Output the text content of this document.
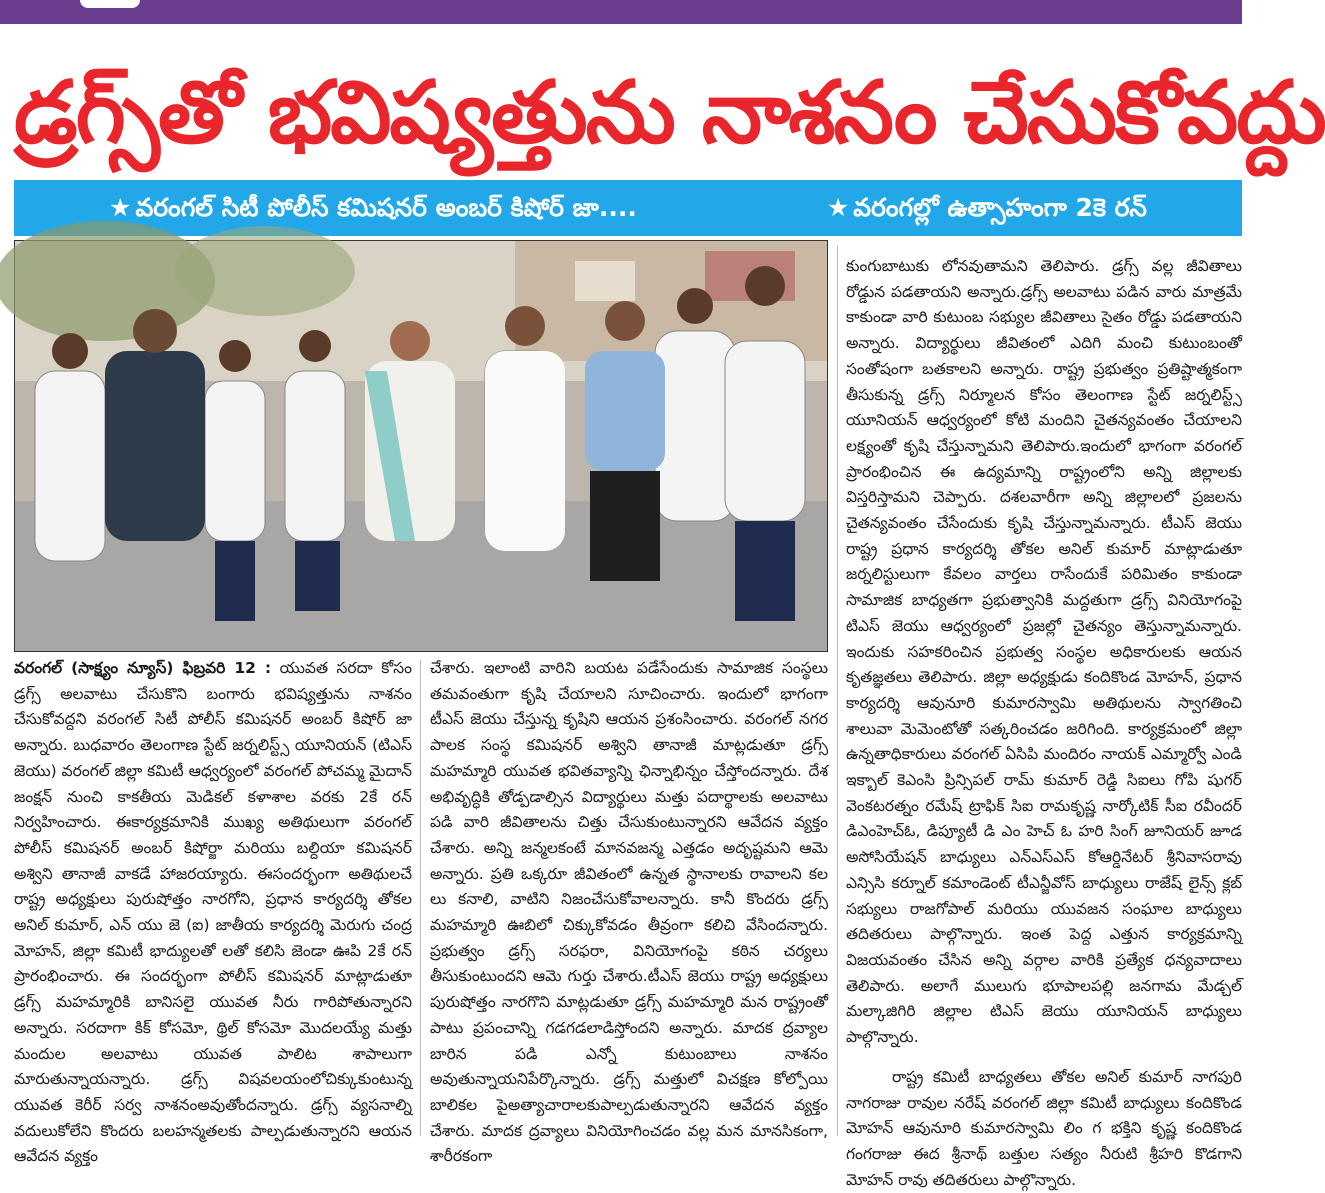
డ్రగ్స్‌తో భవిష్యత్తును నాశనం చేసుకోవద్దు
★ వరంగల్ సిటీ పోలీస్ కమిషనర్ అంబర్ కిషోర్ జా....	★ వరంగల్లో ఉత్సాహంగా 2కె రన్

వరంగల్ (సాక్ష్యం న్యూస్) ఫిబ్రవరి 12 : యువత సరదా కోసం డ్రగ్స్ అలవాటు చేసుకొని బంగారు భవిష్యత్తును నాశనం చేసుకోవద్దని వరంగల్ సిటీ పోలీస్ కమిషనర్ అంబర్ కిషోర్ జా అన్నారు. బుధవారం తెలంగాణ స్టేట్ జర్నలిస్ట్స్ యూనియన్ (టిఎస్ జెయు) వరంగల్ జిల్లా కమిటీ ఆధ్వర్యంలో వరంగల్ పోచమ్మ మైదాన్ జంక్షన్ నుంచి కాకతీయ మెడికల్ కళాశాల వరకు 2కే రన్ నిర్వహించారు. ఈకార్యక్రమానికి ముఖ్య అతిథులుగా వరంగల్ పోలీస్ కమిషనర్ అంబర్ కిషోర్జా మరియు బల్దియా కమిషనర్ అశ్విని తానాజీ వాకడే హాజరయ్యారు. ఈసందర్భంగా అతిథులచే రాష్ట్ర అధ్యక్షులు పురుషోత్తం నారగోని, ప్రధాన కార్యదర్శి తోకల అనిల్ కుమార్, ఎన్ యు జె (ఐ) జాతీయ కార్యదర్శి మెరుగు చంద్ర మోహన్, జిల్లా కమిటీ భాద్యులతో లతో కలిసి జెండా ఊపి 2కే రన్ ప్రారంభించారు. ఈ సందర్భంగా పోలీస్ కమిషనర్ మాట్లాడుతూ డ్రగ్స్ మహమ్మారికి బానిసలై యువత నీరు గారిపోతున్నారని అన్నారు. సరదాగా కిక్ కోసమో, థ్రిల్ కోసమో మొదలయ్యే మత్తు మందుల అలవాటు యువత పాలిట శాపాలుగా మారుతున్నాయన్నారు. డ్రగ్స్ విషవలయంలోచిక్కుకుంటున్న యువత కెరీర్ సర్వ నాశనంఅవుతోందన్నారు. డ్రగ్స్ వ్యసనాల్ని వదులుకోలేని కొందరు బలహన్మతలకు పాల్పడుతున్నారని ఆయన ఆవేదన వ్యక్తం

చేశారు. ఇలాంటి వారిని బయట పడేసేందుకు సామాజిక సంస్థలు తమవంతుగా కృషి చేయాలని సూచించారు. ఇందులో భాగంగా టీఎస్ జెయు చేస్తున్న కృషిని ఆయన ప్రశంసించారు. వరంగల్ నగర పాలక సంస్థ కమిషనర్ అశ్విని తానాజీ మాట్లడుతూ డ్రగ్స్ మహమ్మారి యువత భవితవ్యాన్ని ఛిన్నాభిన్నం చేస్తోందన్నారు. దేశ అభివృద్ధికి తోడ్పడాల్సిన విద్యార్థులు మత్తు పదార్థాలకు అలవాటు పడి వారి జీవితాలను చిత్తు చేసుకుంటున్నారని ఆవేదన వ్యక్తం చేశారు. అన్ని జన్మలకంటే మానవజన్మ ఎత్తడం అదృష్టమని ఆమె అన్నారు. ప్రతి ఒక్కరూ జీవితంలో ఉన్నత స్థానాలకు రావాలని కల లు కనాలి, వాటిని నిజంచేసుకోవాలన్నారు. కానీ కొందరు డ్రగ్స్ మహమ్మారి ఊబిలో చిక్కుకోవడం తీవ్రంగా కలిచి వేసిందన్నారు. ప్రభుత్వం డ్రగ్స్ సరఫరా, వినియోగంపై కఠిన చర్యలు తీసుకుంటుందని ఆమె గుర్తు చేశారు.టీఎస్ జెయు రాష్ట్ర అధ్యక్షులు పురుషోత్తం నారగొని మాట్లడుతూ డ్రగ్స్ మహమ్మారి మన రాష్ట్రంతో పాటు ప్రపంచాన్ని గడగడలాడిస్తోందని అన్నారు. మాదక ద్రవ్యాల బారిన పడి ఎన్నో కుటుంబాలు నాశనం అవుతున్నాయనిపేర్కొన్నారు. డ్రగ్స్ మత్తులో విచక్షణ కోల్పోయి బాలికల పైఅత్యాచారాలకుపాల్పడుతున్నారని ఆవేదన వ్యక్తం చేశారు. మాదక ద్రవ్యాలు వినియోగించడం వల్ల మన మానసికంగా, శారీరకంగా

కుంగుబాటుకు లోనవుతామని తెలిపారు. డ్రగ్స్ వల్ల జీవితాలు రోడ్డున పడతాయని అన్నారు.డ్రగ్స్ అలవాటు పడిన వారు మాత్రమే కాకుండా వారి కుటుంబ సభ్యుల జీవితాలు సైతం రోడ్డు పడతాయని అన్నారు. విద్యార్థులు జీవితంలో ఎదిగి మంచి కుటుంబంతో సంతోషంగా బతకాలని అన్నారు. రాష్ట్ర ప్రభుత్వం ప్రతిష్టాత్మకంగా తీసుకున్న డ్రగ్స్ నిర్మూలన కోసం తెలంగాణ స్టేట్ జర్నలిస్ట్స్ యూనియన్ ఆధ్వర్యంలో కోటి మందిని చైతన్యవంతం చేయాలని లక్ష్యంతో కృషి చేస్తున్నామని తెలిపారు.ఇందులో భాగంగా వరంగల్ ప్రారంభించిన ఈ ఉద్యమాన్ని రాష్ట్రంలోని అన్ని జిల్లాలకు విస్తరిస్తామని చెప్పారు. దశలవారీగా అన్ని జిల్లాలలో ప్రజలను చైతన్యవంతం చేసేందుకు కృషి చేస్తున్నామన్నారు. టీఎస్ జెయు రాష్ట్ర ప్రధాన కార్యదర్శి తోకల అనిల్ కుమార్ మాట్లాడుతూ జర్నలిస్టులుగా కేవలం వార్తలు రాసేందుకే పరిమితం కాకుండా సామాజిక బాధ్యతగా ప్రభుత్వానికి మద్దతుగా డ్రగ్స్ వినియోగంపై టిఎస్ జెయు ఆధ్వర్యంలో ప్రజల్లో చైతన్యం తెస్తున్నామన్నారు. ఇందుకు సహకరించిన ప్రభుత్వ సంస్థల అధికారులకు ఆయన కృతజ్ఞతలు తెలిపారు. జిల్లా అధ్యక్షుడు కందికొండ మోహన్, ప్రధాన కార్యదర్శి ఆవునూరి కుమారస్వామి అతిథులను స్వాగతించి శాలువా మెమెంటోతో సత్కరించడం జరిగింది. కార్యక్రమంలో జిల్లా ఉన్నతాధికారులు వరంగల్ ఏసిపి మందిరం నాయక్ ఎమ్మార్వో ఎండి ఇక్బాల్ కెఎంసి ప్రిన్సిపల్ రామ్ కుమార్ రెడ్డి సిఐలు గోపి షుగర్ వెంకటరత్నం రమేష్ ట్రాఫిక్ సిఐ రామకృష్ణ నార్కోటిక్ సీఐ రవీందర్ డిఎంహెచ్ఓ, డిప్యూటీ డి ఎం హెచ్ ఓ హరి సింగ్ జూనియర్ జూడ అసోసియేషన్ బాధ్యులు ఎన్ఎస్ఎస్ కోఆర్డినేటర్ శ్రీనివాసరావు ఎన్సిసి కర్నూల్ కమాండెంట్ టీఎన్జీవోస్ బాధ్యులు రాజేష్ లైన్స్ క్లబ్ సభ్యులు రాజగోపాల్ మరియు యువజన సంఘాల బాధ్యులు తదితరులు పాల్గొన్నారు. ఇంత పెద్ద ఎత్తున కార్యక్రమాన్ని విజయవంతం చేసిన అన్ని వర్గాల వారికి ప్రత్యేక ధన్యవాదాలు తెలిపారు. అలాగే ములుగు భూపాలపల్లి జనగామ మేడ్చల్ మల్కాజిగిరి జిల్లాల టిఎస్ జెయు యూనియన్ బాధ్యులు పాల్గొన్నారు.

రాష్ట్ర కమిటీ బాధ్యతలు తోకల అనిల్ కుమార్ నాగపురి నాగరాజు రావుల నరేష్ వరంగల్ జిల్లా కమిటీ బాధ్యులు కందికొండ మోహన్ ఆవునూరి కుమారస్వామి లిం గ భక్తిని కృష్ణ కందికొండ గంగరాజు ఈద శ్రీనాథ్ బత్తుల సత్యం నీరుటి శ్రీహరి కొడగాని మోహన్ రావు తదితరులు పాల్గొన్నారు.
